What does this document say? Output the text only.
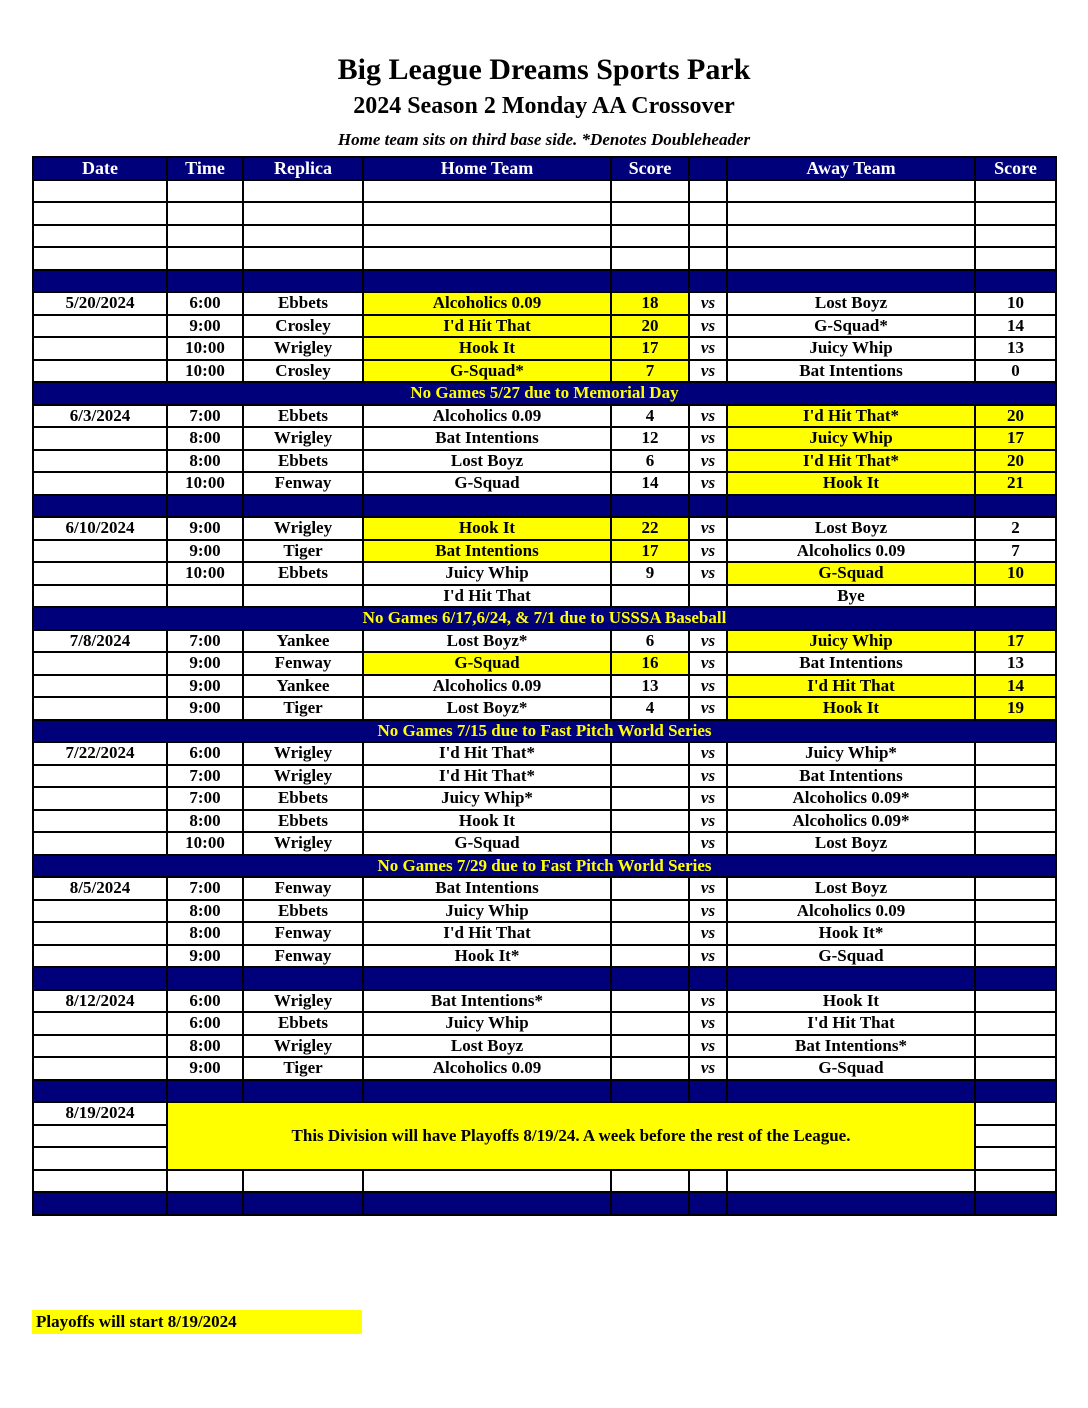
Big League Dreams Sports Park
2024 Season 2 Monday AA Crossover
Home team sits on third base side. *Denotes Doubleheader
Date	Time	Replica	Home Team	Score		Away Team	Score

5/20/2024	6:00	Ebbets	Alcoholics 0.09	18	vs	Lost Boyz	10
	9:00	Crosley	I'd Hit That	20	vs	G-Squad*	14
	10:00	Wrigley	Hook It	17	vs	Juicy Whip	13
	10:00	Crosley	G-Squad*	7	vs	Bat Intentions	0
No Games 5/27 due to Memorial Day							
6/3/2024	7:00	Ebbets	Alcoholics 0.09	4	vs	I'd Hit That*	20
	8:00	Wrigley	Bat Intentions	12	vs	Juicy Whip	17
	8:00	Ebbets	Lost Boyz	6	vs	I'd Hit That*	20
	10:00	Fenway	G-Squad	14	vs	Hook It	21

6/10/2024	9:00	Wrigley	Hook It	22	vs	Lost Boyz	2
	9:00	Tiger	Bat Intentions	17	vs	Alcoholics 0.09	7
	10:00	Ebbets	Juicy Whip	9	vs	G-Squad	10
			I'd Hit That			Bye	
No Games 6/17,6/24, & 7/1 due to USSSA Baseball							
7/8/2024	7:00	Yankee	Lost Boyz*	6	vs	Juicy Whip	17
	9:00	Fenway	G-Squad	16	vs	Bat Intentions	13
	9:00	Yankee	Alcoholics 0.09	13	vs	I'd Hit That	14
	9:00	Tiger	Lost Boyz*	4	vs	Hook It	19
No Games 7/15 due to Fast Pitch World Series							
7/22/2024	6:00	Wrigley	I'd Hit That*		vs	Juicy Whip*	
	7:00	Wrigley	I'd Hit That*		vs	Bat Intentions	
	7:00	Ebbets	Juicy Whip*		vs	Alcoholics 0.09*	
	8:00	Ebbets	Hook It		vs	Alcoholics 0.09*	
	10:00	Wrigley	G-Squad		vs	Lost Boyz	
No Games 7/29 due to Fast Pitch World Series							
8/5/2024	7:00	Fenway	Bat Intentions		vs	Lost Boyz	
	8:00	Ebbets	Juicy Whip		vs	Alcoholics 0.09	
	8:00	Fenway	I'd Hit That		vs	Hook It*	
	9:00	Fenway	Hook It*		vs	G-Squad	

8/12/2024	6:00	Wrigley	Bat Intentions*		vs	Hook It	
	6:00	Ebbets	Juicy Whip		vs	I'd Hit That	
	8:00	Wrigley	Lost Boyz		vs	Bat Intentions*	
	9:00	Tiger	Alcoholics 0.09		vs	G-Squad	

8/19/2024	This Division will have Playoffs 8/19/24. A week before the rest of the League.						

Playoffs will start 8/19/2024
